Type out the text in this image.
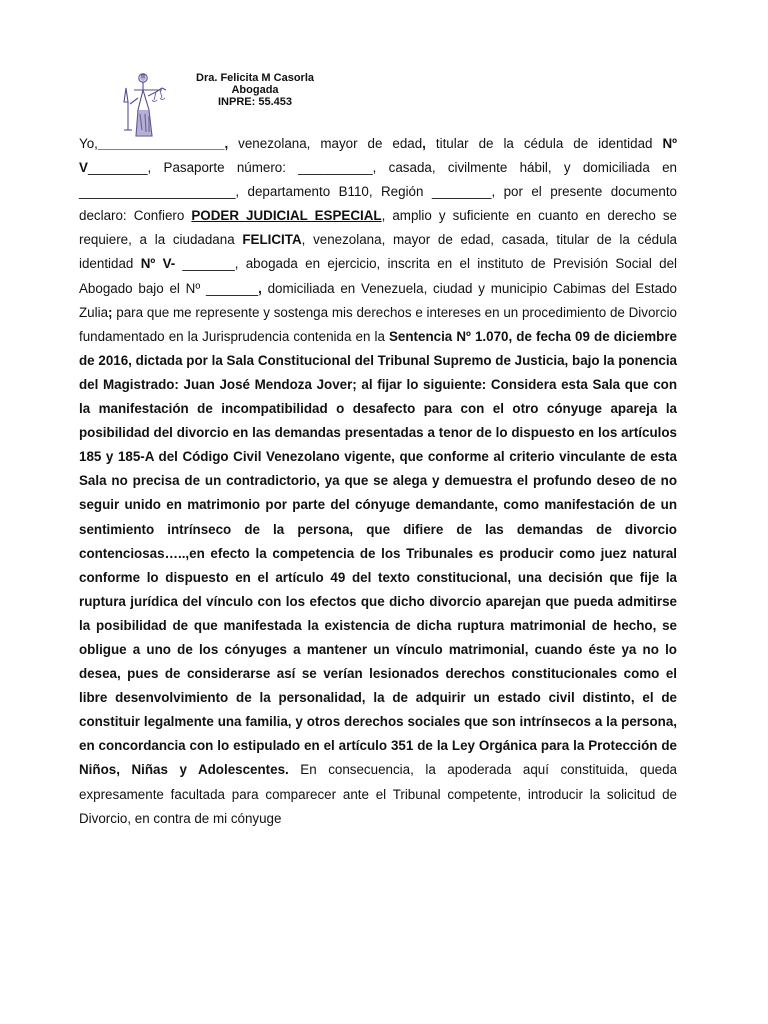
Dra. Felicita M Casorla
Abogada
INPRE: 55.453

Yo,_________________, venezolana, mayor de edad, titular de la cédula de identidad Nº V________, Pasaporte número: __________, casada, civilmente hábil, y domiciliada en _____________________, departamento B110, Región ________, por el presente documento declaro: Confiero PODER JUDICIAL ESPECIAL, amplio y suficiente en cuanto en derecho se requiere, a la ciudadana FELICITA, venezolana, mayor de edad, casada, titular de la cédula identidad Nº V- _______, abogada en ejercicio, inscrita en el instituto de Previsión Social del Abogado bajo el Nº _______, domiciliada en Venezuela, ciudad y municipio Cabimas del Estado Zulia; para que me represente y sostenga mis derechos e intereses en un procedimiento de Divorcio fundamentado en la Jurisprudencia contenida en la Sentencia Nº 1.070, de fecha 09 de diciembre de 2016, dictada por la Sala Constitucional del Tribunal Supremo de Justicia, bajo la ponencia del Magistrado: Juan José Mendoza Jover; al fijar lo siguiente: Considera esta Sala que con la manifestación de incompatibilidad o desafecto para con el otro cónyuge apareja la posibilidad del divorcio en las demandas presentadas a tenor de lo dispuesto en los artículos 185 y 185-A del Código Civil Venezolano vigente, que conforme al criterio vinculante de esta Sala no precisa de un contradictorio, ya que se alega y demuestra el profundo deseo de no seguir unido en matrimonio por parte del cónyuge demandante, como manifestación de un sentimiento intrínseco de la persona, que difiere de las demandas de divorcio contenciosas…..,en efecto la competencia de los Tribunales es producir como juez natural conforme lo dispuesto en el artículo 49 del texto constitucional, una decisión que fije la ruptura jurídica del vínculo con los efectos que dicho divorcio aparejan que pueda admitirse la posibilidad de que manifestada la existencia de dicha ruptura matrimonial de hecho, se obligue a uno de los cónyuges a mantener un vínculo matrimonial, cuando éste ya no lo desea, pues de considerarse así se verían lesionados derechos constitucionales como el libre desenvolvimiento de la personalidad, la de adquirir un estado civil distinto, el de constituir legalmente una familia, y otros derechos sociales que son intrínsecos a la persona, en concordancia con lo estipulado en el artículo 351 de la Ley Orgánica para la Protección de Niños, Niñas y Adolescentes. En consecuencia, la apoderada aquí constituida, queda expresamente facultada para comparecer ante el Tribunal competente, introducir la solicitud de Divorcio, en contra de mi cónyuge
